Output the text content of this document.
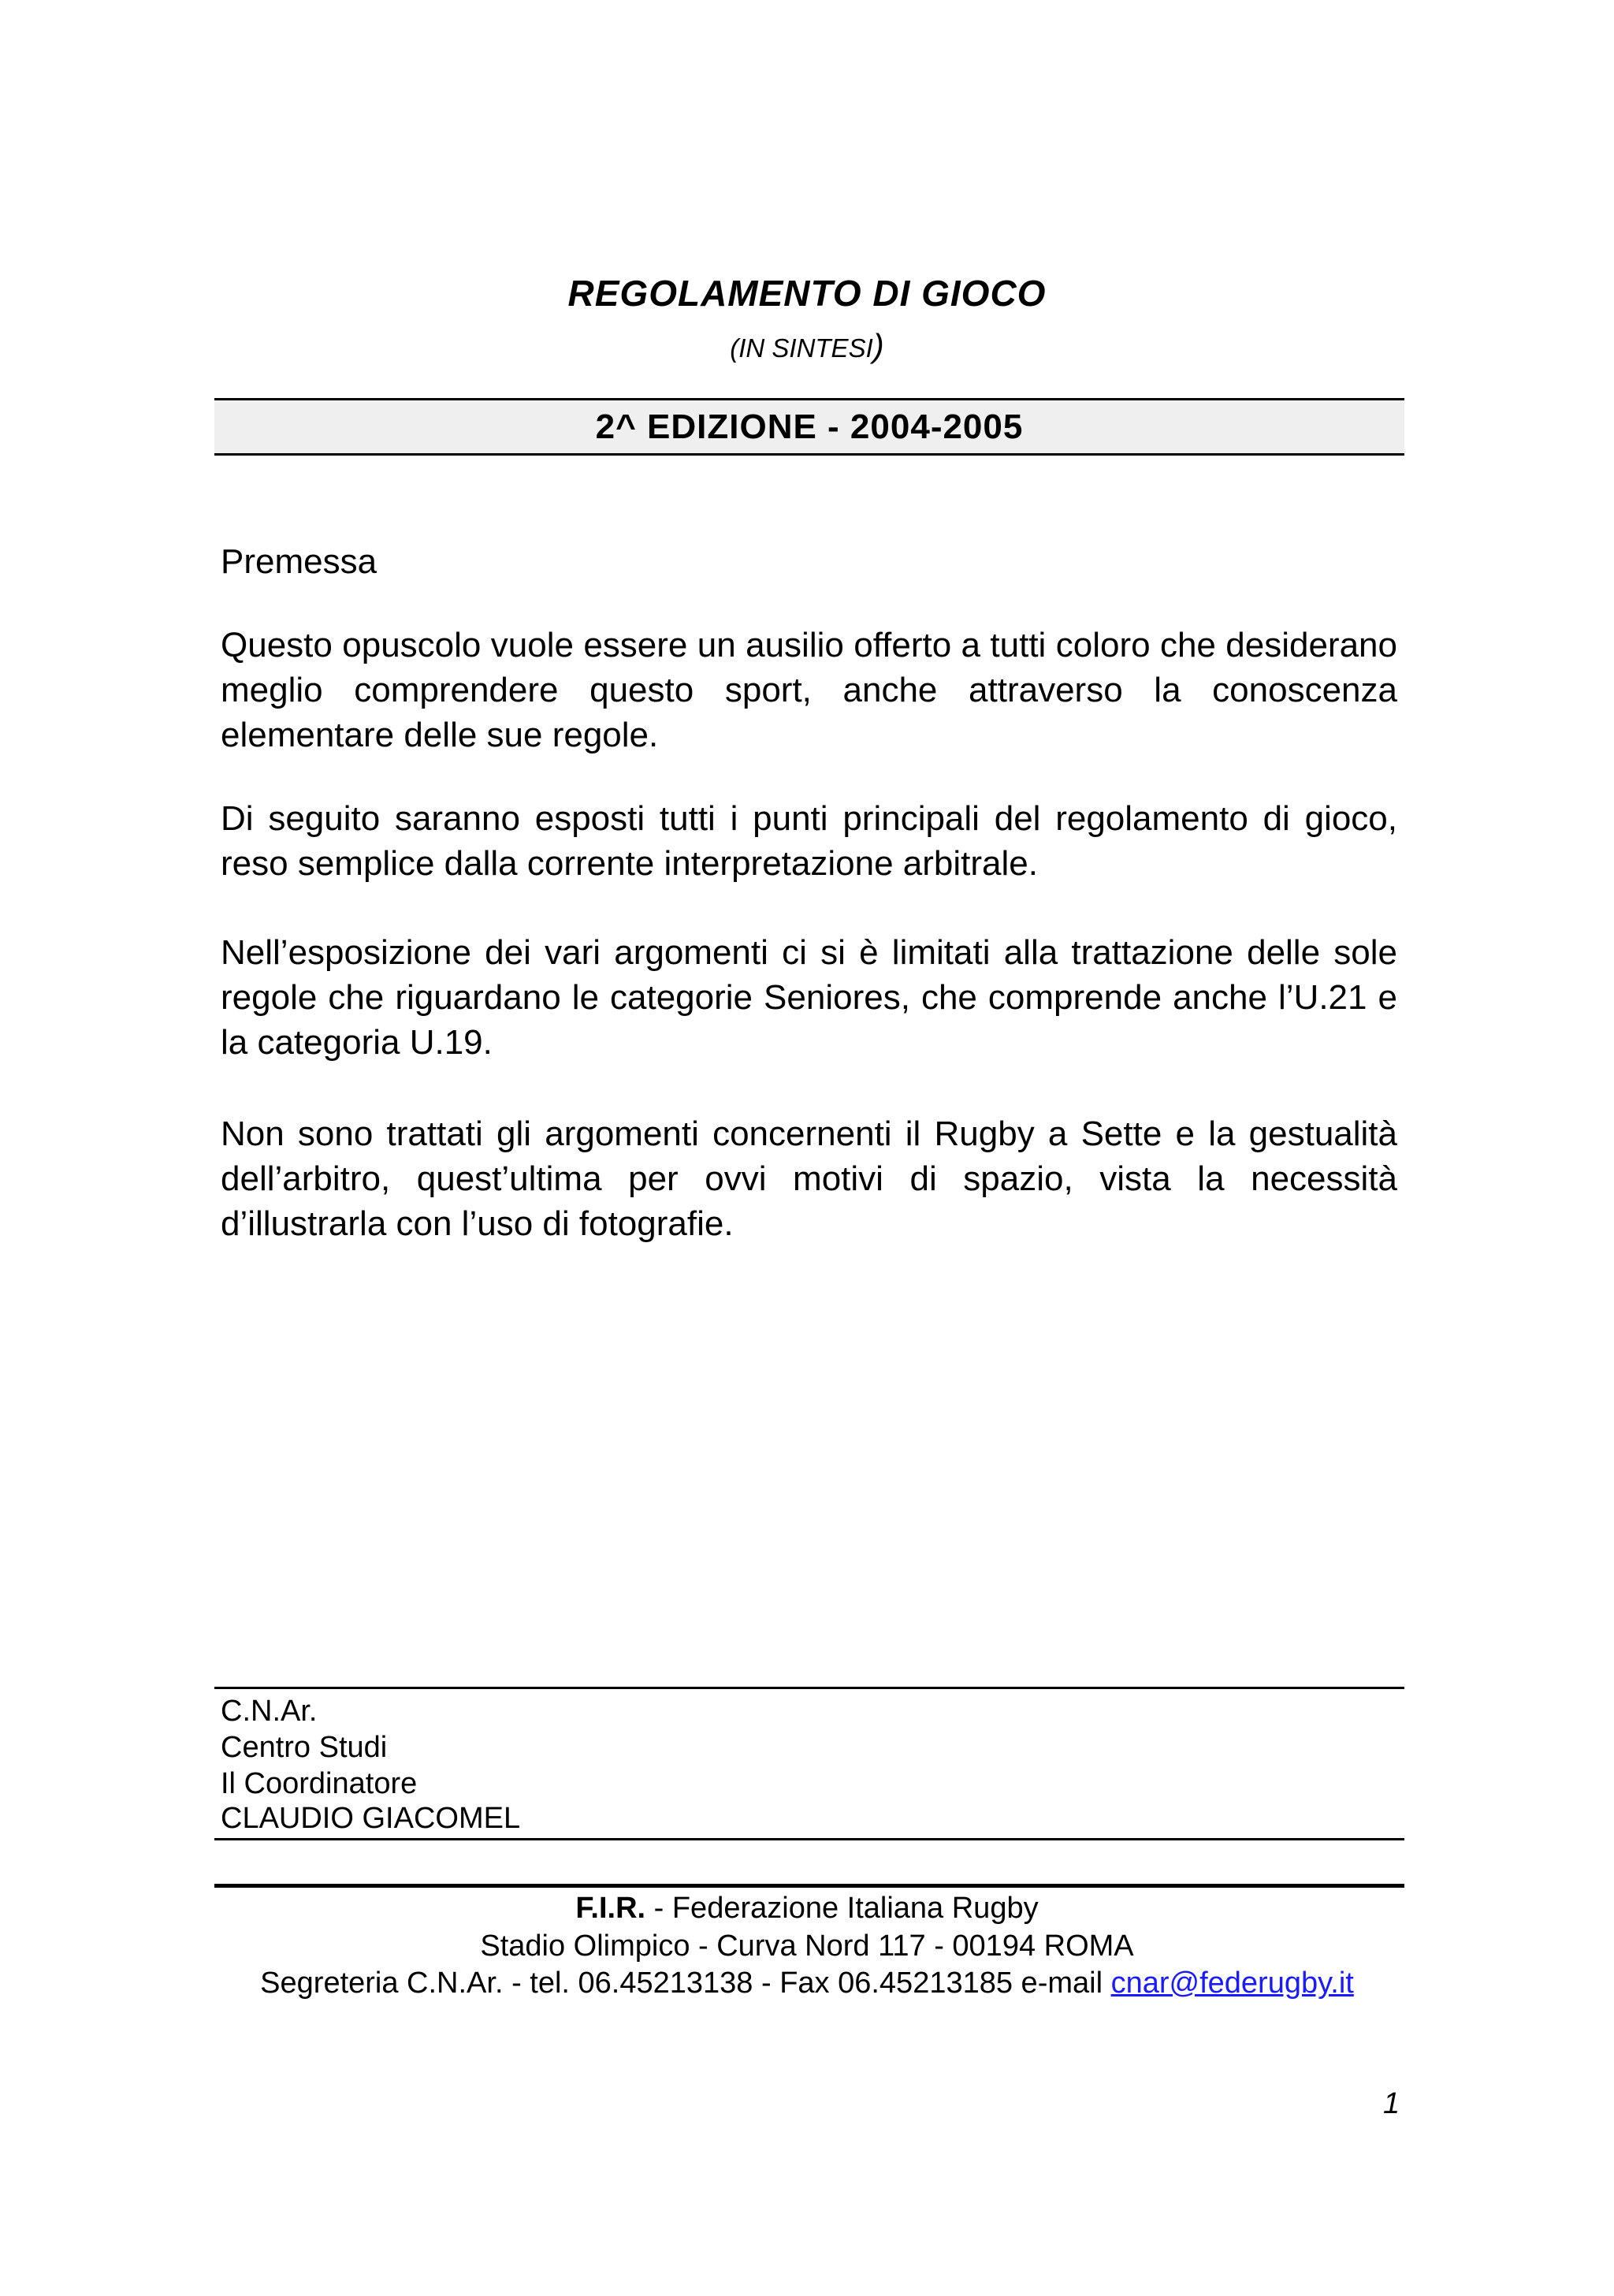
REGOLAMENTO DI GIOCO
(IN SINTESI)
2^ EDIZIONE - 2004-2005
Premessa

Questo opuscolo vuole essere un ausilio offerto a tutti coloro che desiderano meglio comprendere questo sport, anche attraverso la conoscenza elementare delle sue regole.

Di seguito saranno esposti tutti i punti principali del regolamento di gioco, reso semplice dalla corrente interpretazione arbitrale.

Nell’esposizione dei vari argomenti ci si è limitati alla trattazione delle sole regole che riguardano le categorie Seniores, che comprende anche l’U.21 e la categoria U.19.

Non sono trattati gli argomenti concernenti il Rugby a Sette e la gestualità dell’arbitro, quest’ultima per ovvi motivi di spazio, vista la necessità d’illustrarla con l’uso di fotografie.

C.N.Ar.
Centro Studi
Il Coordinatore
CLAUDIO GIACOMEL
F.I.R. - Federazione Italiana Rugby
Stadio Olimpico - Curva Nord 117 - 00194 ROMA
Segreteria C.N.Ar. - tel. 06.45213138 - Fax 06.45213185 e-mail cnar@federugby.it
1
